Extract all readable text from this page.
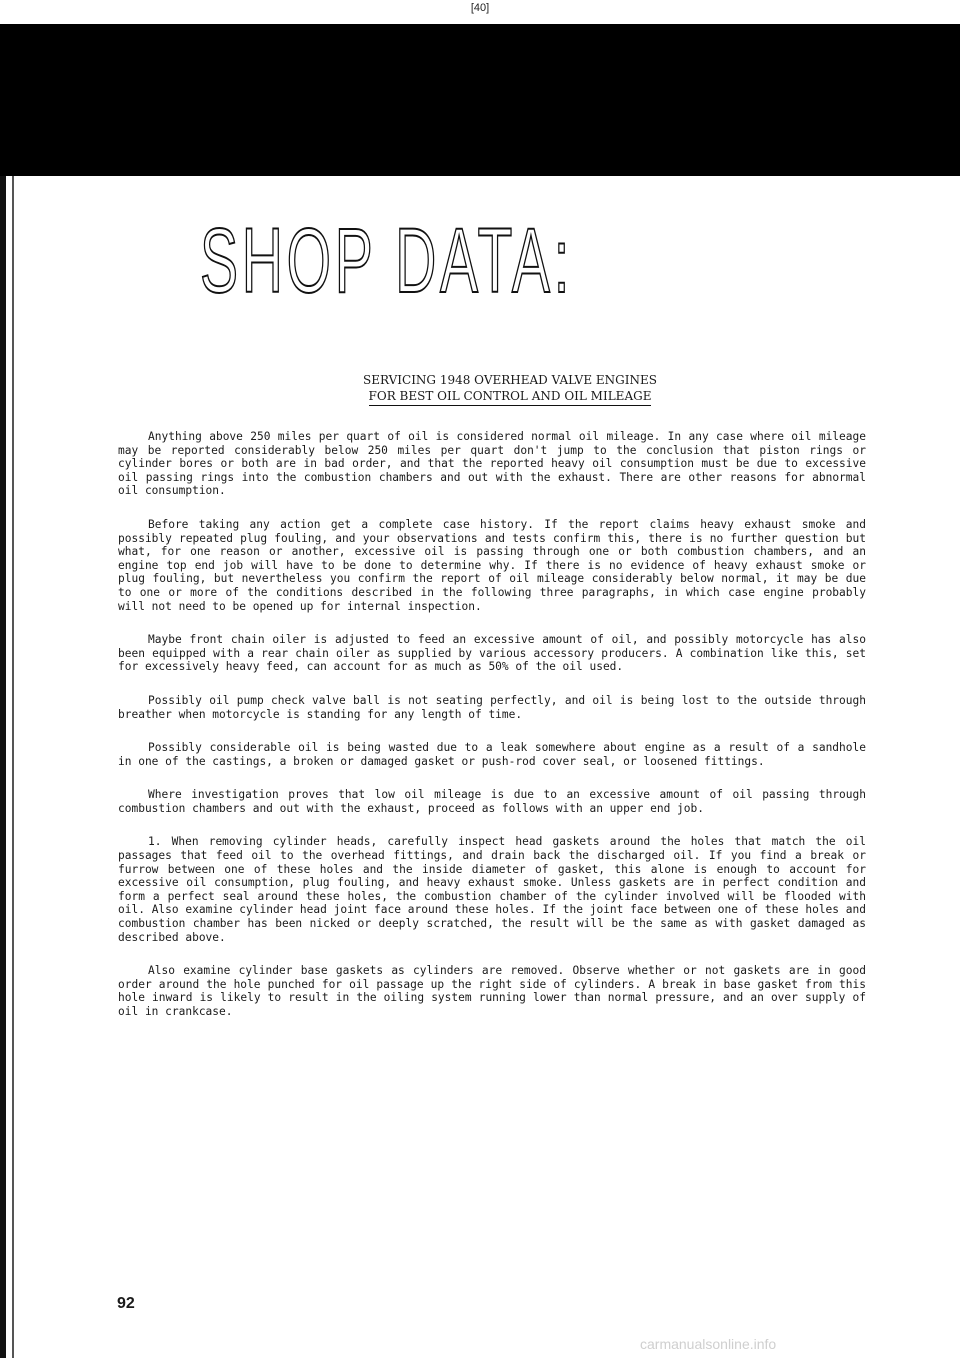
[40]
SHOP DATA:
SERVICING 1948 OVERHEAD VALVE ENGINES
FOR BEST OIL CONTROL AND OIL MILEAGE

Anything above 250 miles per quart of oil is considered normal oil mileage. In any case where oil mileage may be reported considerably below 250 miles per quart don't jump to the conclusion that piston rings or cylinder bores or both are in bad order, and that the reported heavy oil consumption must be due to excessive oil passing rings into the combustion chambers and out with the exhaust. There are other reasons for abnormal oil consumption.

Before taking any action get a complete case history. If the report claims heavy exhaust smoke and possibly repeated plug fouling, and your observations and tests confirm this, there is no further question but what, for one reason or another, excessive oil is passing through one or both combustion chambers, and an engine top end job will have to be done to determine why. If there is no evidence of heavy exhaust smoke or plug fouling, but nevertheless you confirm the report of oil mileage considerably below normal, it may be due to one or more of the conditions described in the following three paragraphs, in which case engine probably will not need to be opened up for internal inspection.

Maybe front chain oiler is adjusted to feed an excessive amount of oil, and possibly motorcycle has also been equipped with a rear chain oiler as supplied by various accessory producers. A combination like this, set for excessively heavy feed, can account for as much as 50% of the oil used.

Possibly oil pump check valve ball is not seating perfectly, and oil is being lost to the outside through breather when motorcycle is standing for any length of time.

Possibly considerable oil is being wasted due to a leak somewhere about engine as a result of a sandhole in one of the castings, a broken or damaged gasket or push-rod cover seal, or loosened fittings.

Where investigation proves that low oil mileage is due to an excessive amount of oil passing through combustion chambers and out with the exhaust, proceed as follows with an upper end job.

1. When removing cylinder heads, carefully inspect head gaskets around the holes that match the oil passages that feed oil to the overhead fittings, and drain back the discharged oil. If you find a break or furrow between one of these holes and the inside diameter of gasket, this alone is enough to account for excessive oil consumption, plug fouling, and heavy exhaust smoke. Unless gaskets are in perfect condition and form a perfect seal around these holes, the combustion chamber of the cylinder involved will be flooded with oil. Also examine cylinder head joint face around these holes. If the joint face between one of these holes and combustion chamber has been nicked or deeply scratched, the result will be the same as with gasket damaged as described above.

Also examine cylinder base gaskets as cylinders are removed. Observe whether or not gaskets are in good order around the hole punched for oil passage up the right side of cylinders. A break in base gasket from this hole inward is likely to result in the oiling system running lower than normal pressure, and an over supply of oil in crankcase.

92
carmanualsonline.info
